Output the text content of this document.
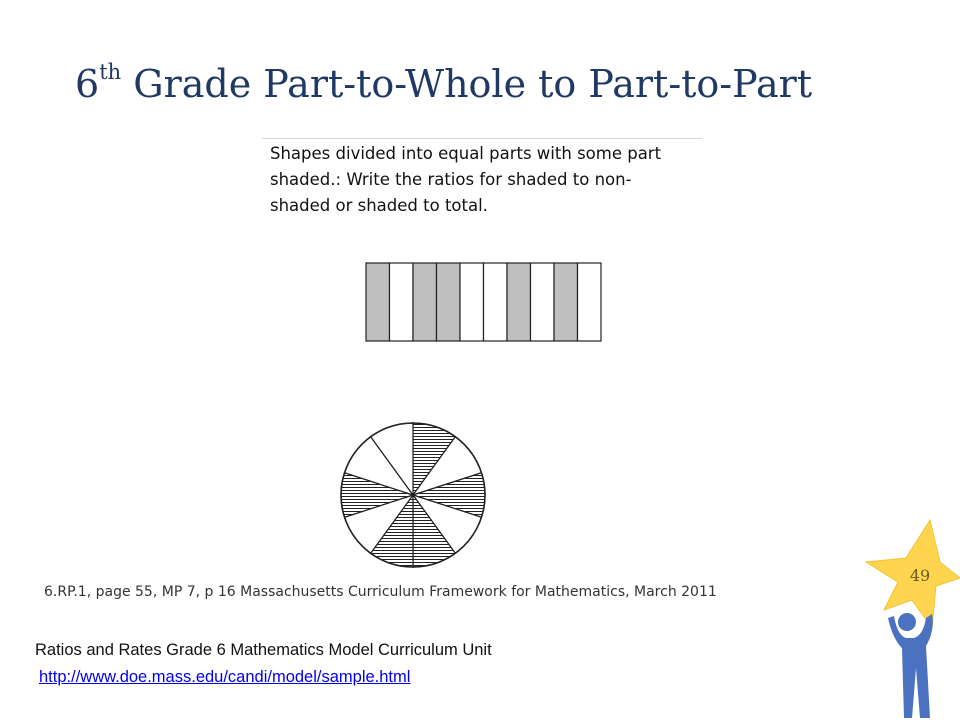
6th Grade Part-to-Whole to Part-to-Part
Shapes divided into equal parts with some part
shaded.: Write the ratios for shaded to non-
shaded or shaded to total.
6.RP.1, page 55, MP 7, p 16 Massachusetts Curriculum Framework for Mathematics, March 2011
Ratios and Rates Grade 6 Mathematics Model Curriculum Unit
http://www.doe.mass.edu/candi/model/sample.html
49
